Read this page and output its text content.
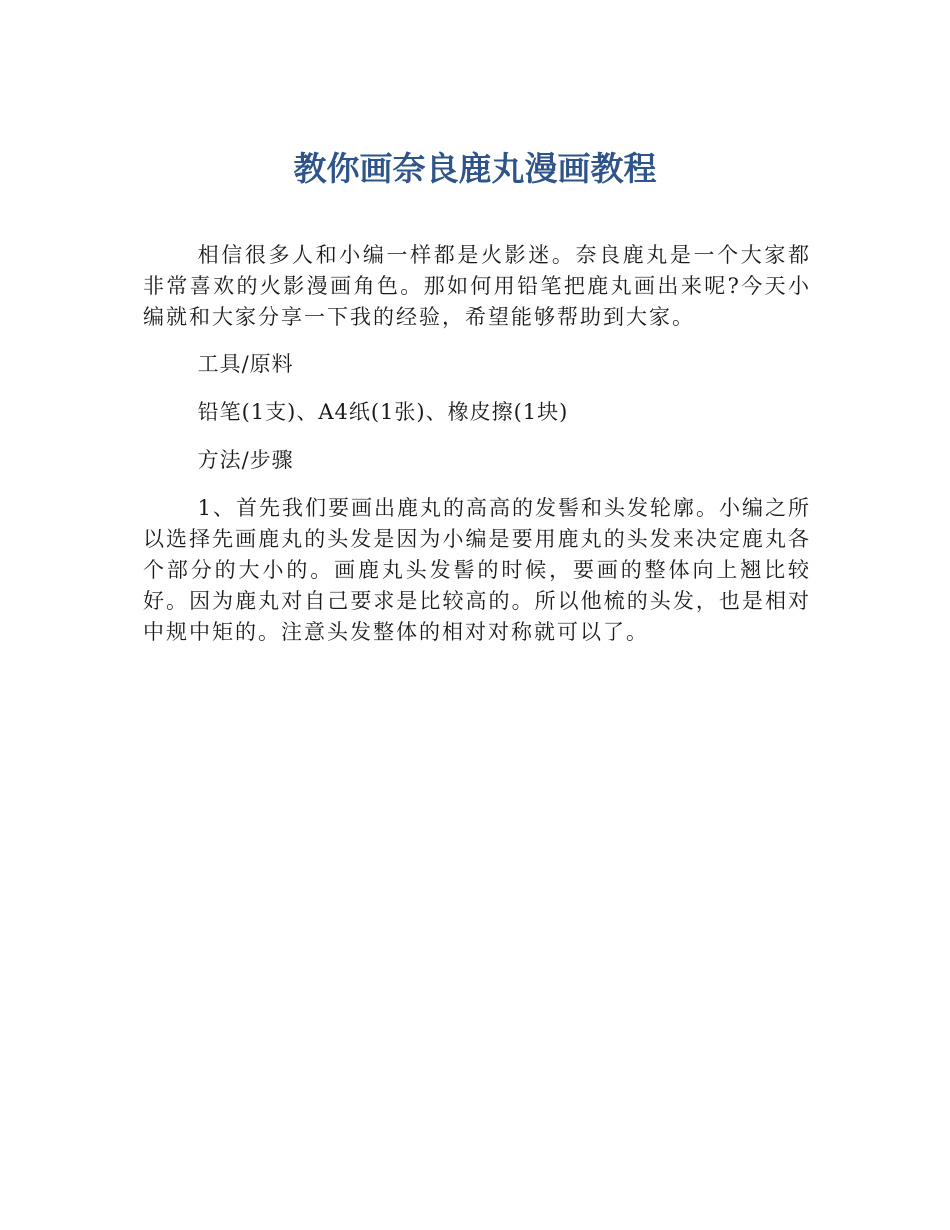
教你画奈良鹿丸漫画教程

相信很多人和小编一样都是火影迷。奈良鹿丸是一个大家都非常喜欢的火影漫画角色。那如何用铅笔把鹿丸画出来呢?今天小编就和大家分享一下我的经验，希望能够帮助到大家。

工具/原料

铅笔(1支)、A4纸(1张)、橡皮擦(1块)

方法/步骤

1、首先我们要画出鹿丸的高高的发髻和头发轮廓。小编之所以选择先画鹿丸的头发是因为小编是要用鹿丸的头发来决定鹿丸各个部分的大小的。画鹿丸头发髻的时候，要画的整体向上翘比较好。因为鹿丸对自己要求是比较高的。所以他梳的头发，也是相对中规中矩的。注意头发整体的相对对称就可以了。
